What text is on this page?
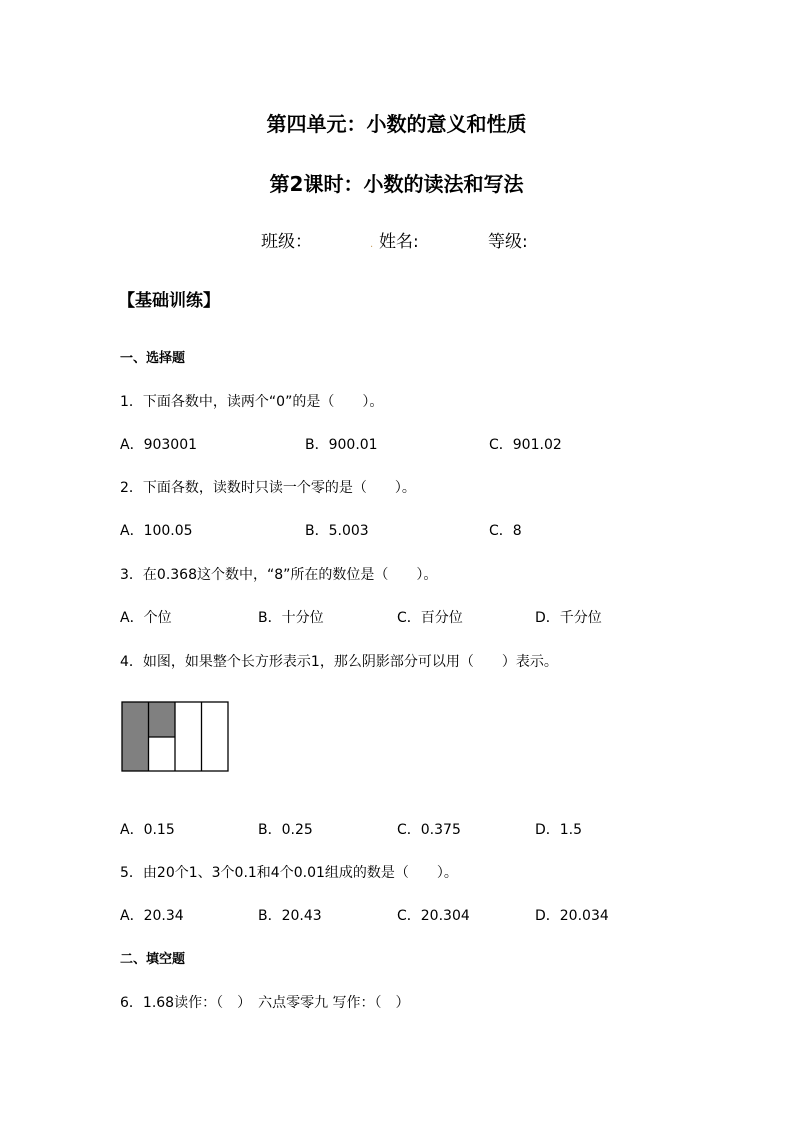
第四单元：小数的意义和性质
第2课时：小数的读法和写法
班级：	. 姓名:	等级:
【基础训练】
一、选择题
1．下面各数中，读两个“0”的是（　　）。
A．903001	B．900.01	C．901.02
2．下面各数，读数时只读一个零的是（　　）。
A．100.05	B．5.003	C．8
3．在0.368这个数中，“8”所在的数位是（　　）。
A．个位	B．十分位	C．百分位	D．千分位
4．如图，如果整个长方形表示1，那么阴影部分可以用（　　）表示。
A．0.15	B．0.25	C．0.375	D．1.5
5．由20个1、3个0.1和4个0.01组成的数是（　　）。
A．20.34	B．20.43	C．20.304	D．20.034
二、填空题
6．1.68读作：（　）　六点零零九 写作：（　）
